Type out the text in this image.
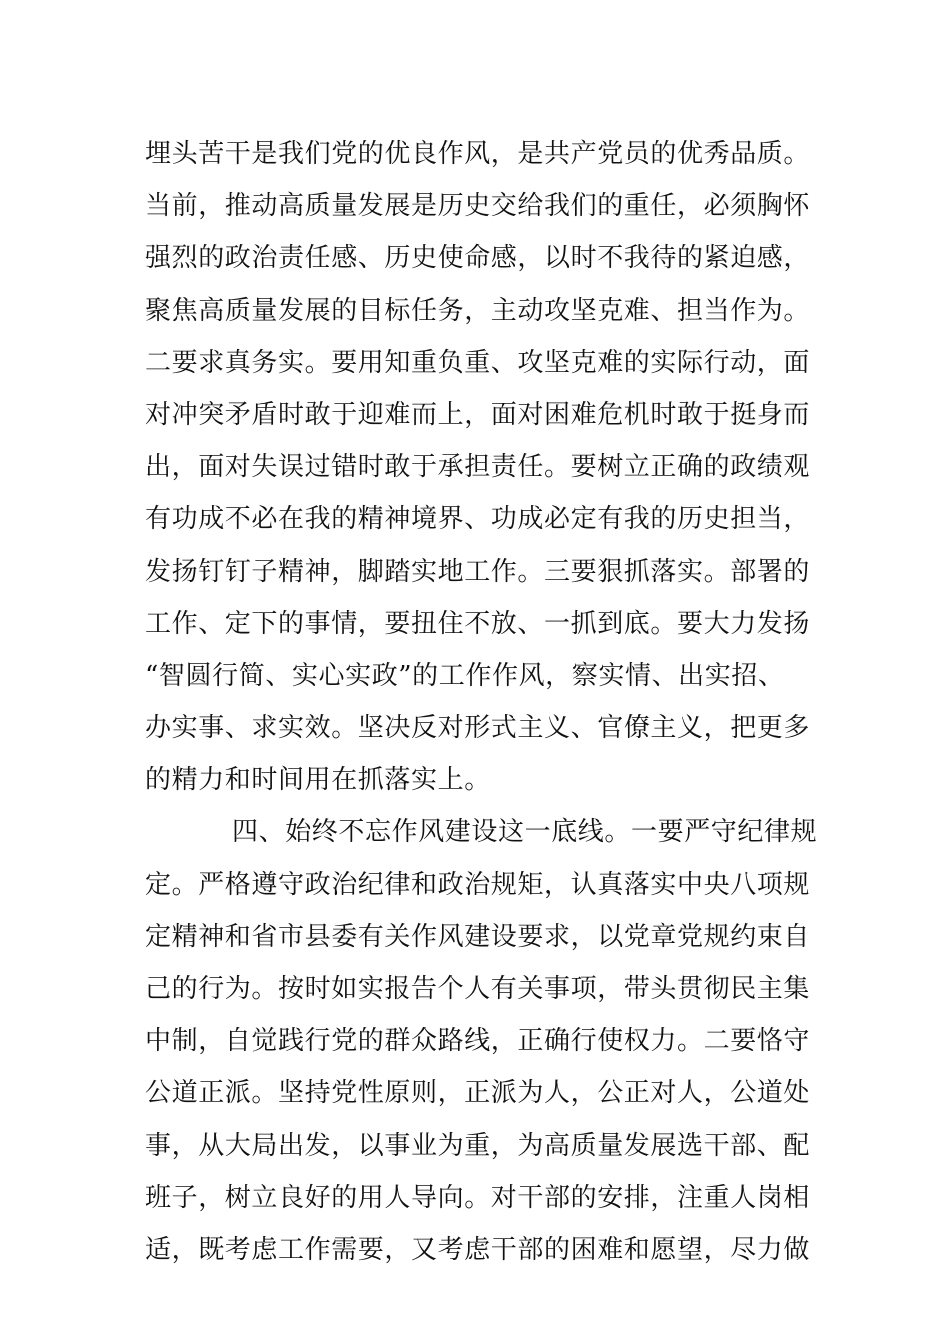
埋头苦干是我们党的优良作风，是共产党员的优秀品质。
当前，推动高质量发展是历史交给我们的重任，必须胸怀
强烈的政治责任感、历史使命感，以时不我待的紧迫感，
聚焦高质量发展的目标任务，主动攻坚克难、担当作为。
二要求真务实。要用知重负重、攻坚克难的实际行动，面
对冲突矛盾时敢于迎难而上，面对困难危机时敢于挺身而
出，面对失误过错时敢于承担责任。要树立正确的政绩观
有功成不必在我的精神境界、功成必定有我的历史担当，
发扬钉钉子精神，脚踏实地工作。三要狠抓落实。部署的
工作、定下的事情，要扭住不放、一抓到底。要大力发扬
“智圆行简、实心实政”的工作作风，察实情、出实招、
办实事、求实效。坚决反对形式主义、官僚主义，把更多
的精力和时间用在抓落实上。
四、始终不忘作风建设这一底线。一要严守纪律规
定。严格遵守政治纪律和政治规矩，认真落实中央八项规
定精神和省市县委有关作风建设要求，以党章党规约束自
己的行为。按时如实报告个人有关事项，带头贯彻民主集
中制，自觉践行党的群众路线，正确行使权力。二要恪守
公道正派。坚持党性原则，正派为人，公正对人，公道处
事，从大局出发，以事业为重，为高质量发展选干部、配
班子，树立良好的用人导向。对干部的安排，注重人岗相
适，既考虑工作需要，又考虑干部的困难和愿望，尽力做
